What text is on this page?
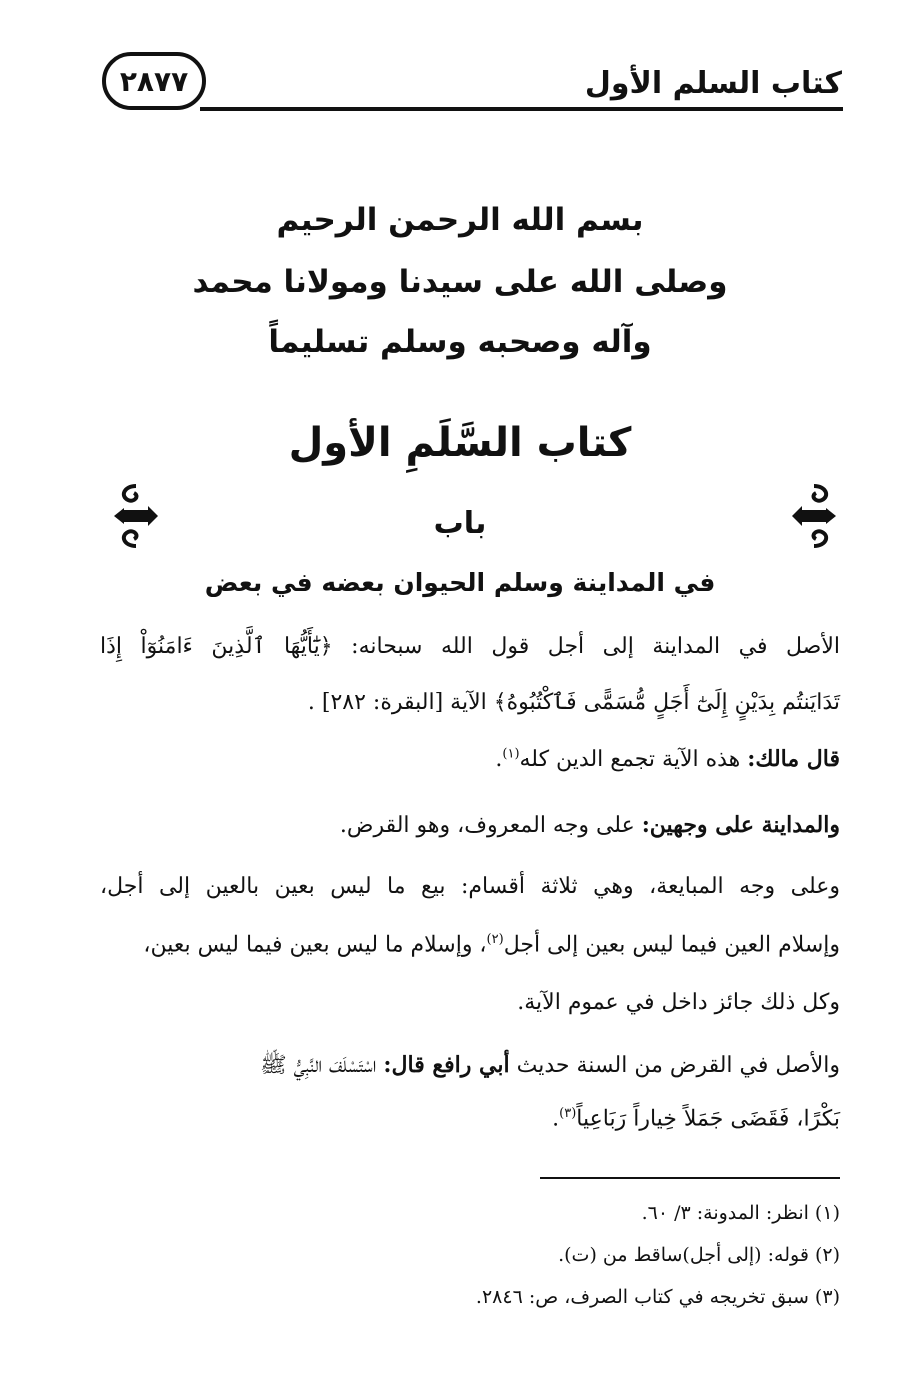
كتاب السلم الأول
٢٨٧٧
بسم الله الرحمن الرحيم
وصلى الله على سيدنا ومولانا محمد
وآله وصحبه وسلم تسليماً
كتاب السَّلَمِ الأول
باب
في المداينة وسلم الحيوان بعضه في بعض
الأصل في المداينة إلى أجل قول الله سبحانه: ﴿يَٰٓأَيُّهَا ٱلَّذِينَ ءَامَنُوٓاْ إِذَا
تَدَايَنتُم بِدَيْنٍ إِلَىٰٓ أَجَلٍ مُّسَمًّى فَٱكْتُبُوهُ﴾ الآية [البقرة: ٢٨٢] .
قال مالك: هذه الآية تجمع الدين كله$^{(١)}$.
والمداينة على وجهين: على وجه المعروف، وهو القرض.
وعلى وجه المبايعة، وهي ثلاثة أقسام: بيع ما ليس بعين بالعين إلى أجل،
وإسلام العين فيما ليس بعين إلى أجل$^{(٢)}$، وإسلام ما ليس بعين فيما ليس بعين،
وكل ذلك جائز داخل في عموم الآية.
والأصل في القرض من السنة حديث أبي رافع قال: اسْتَسْلَفَ النَّبِيُّ ﷺ
بَكْرًا، فَقَضَى جَمَلاً خِياراً رَبَاعِياً$^{(٣)}$.
(١) انظر: المدونة: ٣/ ٦٠.
(٢) قوله: (إلى أجل)ساقط من (ت).
(٣) سبق تخريجه في كتاب الصرف، ص: ٢٨٤٦.
